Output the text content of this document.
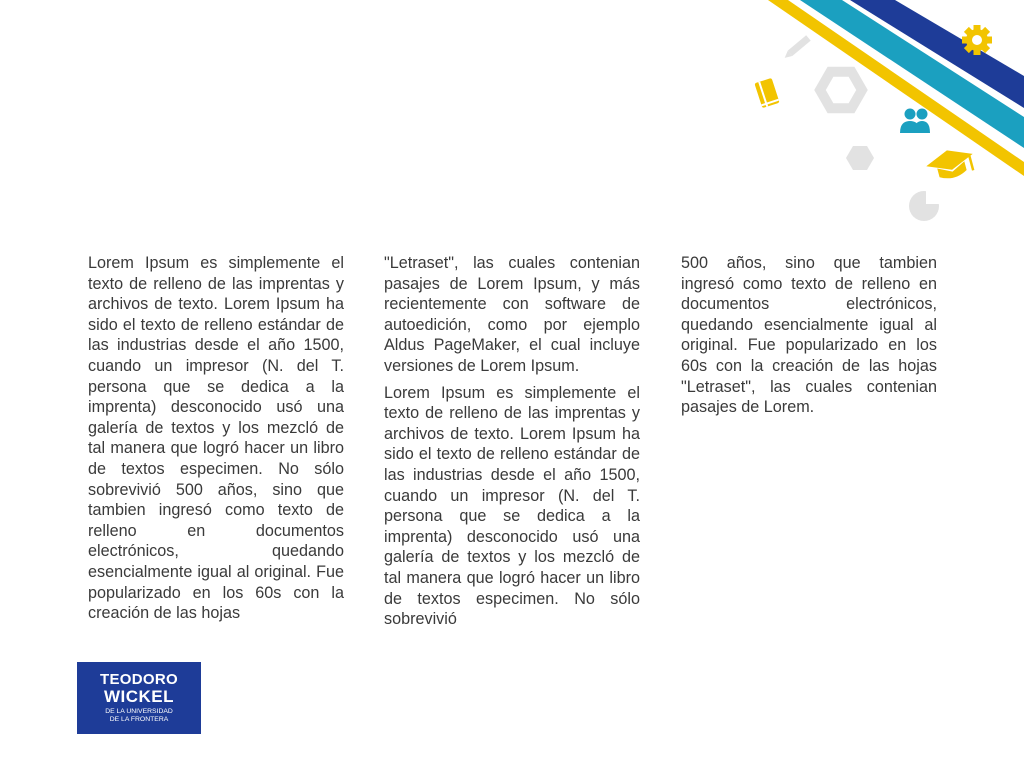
Lorem Ipsum es simplemente el texto de relleno de las imprentas y archivos de texto. Lorem Ipsum ha sido el texto de relleno estándar de las industrias desde el año 1500, cuando un impresor (N. del T. persona que se dedica a la imprenta) desconocido usó una galería de textos y los mezcló de tal manera que logró hacer un libro de textos especimen. No sólo sobrevivió 500 años, sino que tambien ingresó como texto de relleno en documentos electrónicos, quedando esencialmente igual al original. Fue popularizado en los 60s con la creación de las hojas

"Letraset", las cuales contenian pasajes de Lorem Ipsum, y más recientemente con software de autoedición, como por ejemplo Aldus PageMaker, el cual incluye versiones de Lorem Ipsum.

Lorem Ipsum es simplemente el texto de relleno de las imprentas y archivos de texto. Lorem Ipsum ha sido el texto de relleno estándar de las industrias desde el año 1500, cuando un impresor (N. del T. persona que se dedica a la imprenta) desconocido usó una galería de textos y los mezcló de tal manera que logró hacer un libro de textos especimen. No sólo sobrevivió

500 años, sino que tambien ingresó como texto de relleno en documentos electrónicos, quedando esencialmente igual al original. Fue popularizado en los 60s con la creación de las hojas "Letraset", las cuales contenian pasajes de Lorem.

TEODORO
WICKEL
DE LA UNIVERSIDAD
DE LA FRONTERA
